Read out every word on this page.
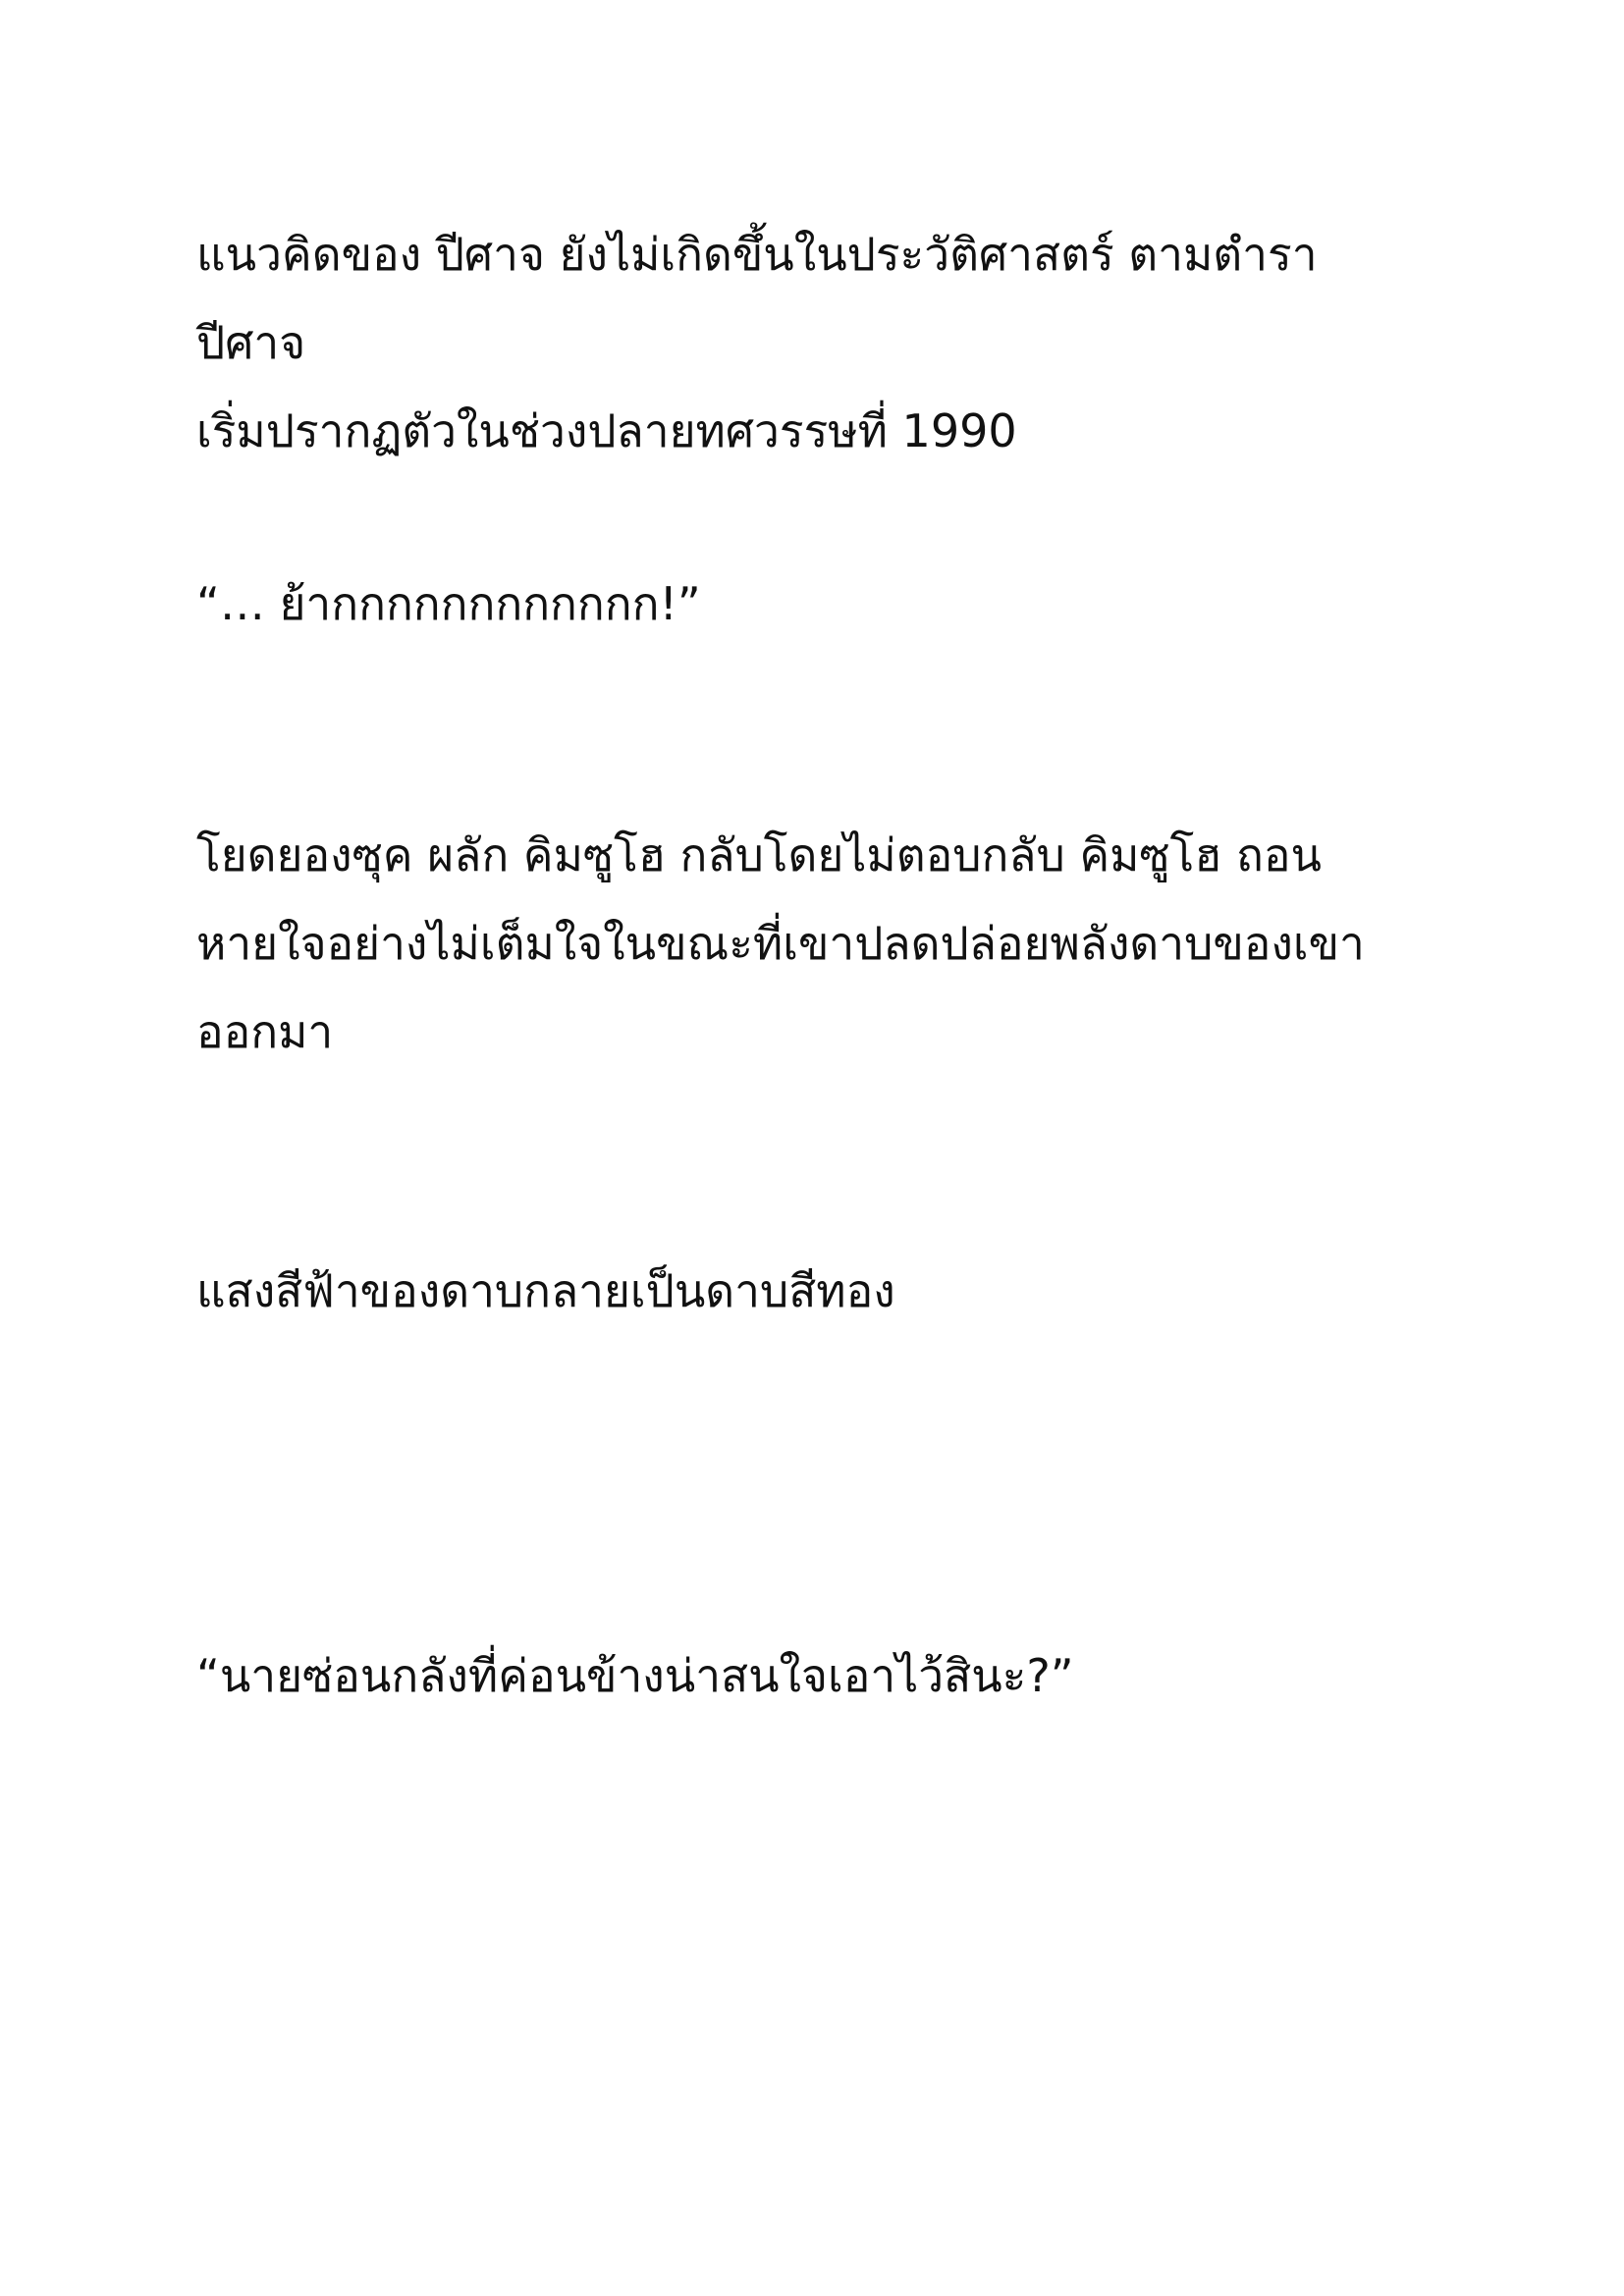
แนวคิดของ ปีศาจ ยังไม่เกิดขึ้นในประวัติศาสตร์ ตามตำรา ปีศาจ
เริ่มปรากฏตัวในช่วงปลายทศวรรษที่ 1990

“… ย้ากกกกกกกกกกกก!”

โยดยองซุค ผลัก คิมซูโฮ กลับโดยไม่ตอบกลับ คิมซูโฮ ถอน
หายใจอย่างไม่เต็มใจในขณะที่เขาปลดปล่อยพลังดาบของเขา
ออกมา

แสงสีฟ้าของดาบกลายเป็นดาบสีทอง

“นายซ่อนกลังที่ค่อนข้างน่าสนใจเอาไว้สินะ?”
